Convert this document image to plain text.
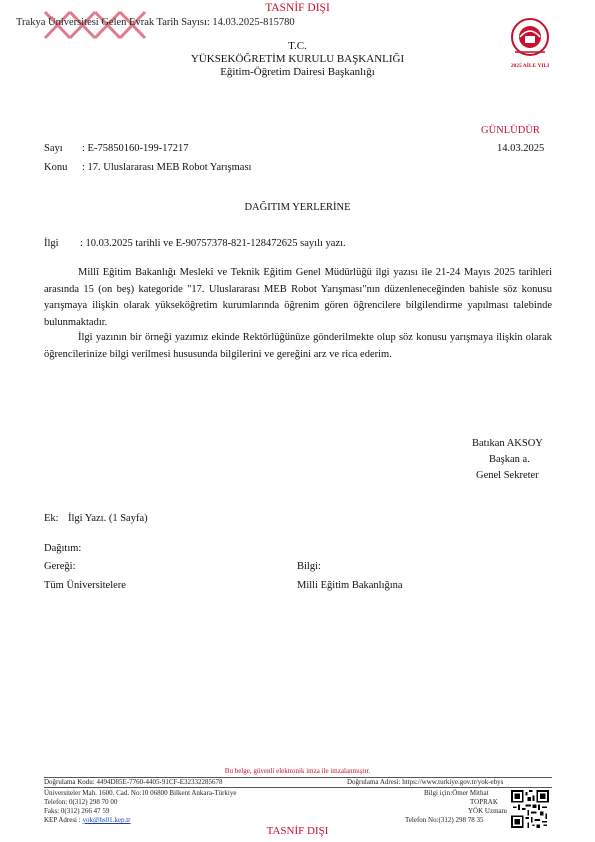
TASNİF DIŞI
Trakya Üniversitesi Gelen Evrak Tarih Sayısı: 14.03.2025-815780
2025 AİLE YILI
T.C.
YÜKSEKÖĞRETİM KURULU BAŞKANLIĞI
Eğitim-Öğretim Dairesi Başkanlığı
GÜNLÜDÜR
14.03.2025
Sayı : E-75850160-199-17217
Konu : 17. Uluslararası MEB Robot Yarışması
DAĞITIM YERLERİNE
İlgi : 10.03.2025 tarihli ve E-90757378-821-128472625 sayılı yazı.
Millî Eğitim Bakanlığı Meslekî ve Teknik Eğitim Genel Müdürlüğü ilgi yazısı ile 21-24 Mayıs 2025 tarihleri arasında 15 (on beş) kategoride "17. Uluslararası MEB Robot Yarışması"nın düzenleneceğinden bahisle söz konusu yarışmaya ilişkin olarak yükseköğretim kurumlarında öğrenim gören öğrencilere bilgilendirme yapılması talebinde bulunmaktadır.
İlgi yazının bir örneği yazımız ekinde Rektörlüğünüze gönderilmekte olup söz konusu yarışmaya ilişkin olarak öğrencilerinize bilgi verilmesi hususunda bilgilerini ve gereğini arz ve rica ederim.
Batıkan AKSOY
Başkan a.
Genel Sekreter
Ek: İlgi Yazı. (1 Sayfa)
Dağıtım:
Gereği:
Tüm Üniversitelere
Bilgi:
Milli Eğitim Bakanlığına
Bu belge, güvenli elektronik imza ile imzalanmıştır.
Doğrulama Kodu: 4494D85E-7760-4405-91CF-E32332285678	Doğrulama Adresi: https://www.turkiye.gov.tr/yok-ebys
Üniversiteler Mah. 1600. Cad. No:10 06800 Bilkent Ankara-Türkiye
Telefon: 0(312) 298 70 00
Faks: 0(312) 266 47 59
KEP Adresi : yok@hs01.kep.tr
Bilgi için:Ömer Mithat
TOPRAK
YÖK Uzmanı
Telefon No:(312) 298 78 35
TASNİF DIŞI
